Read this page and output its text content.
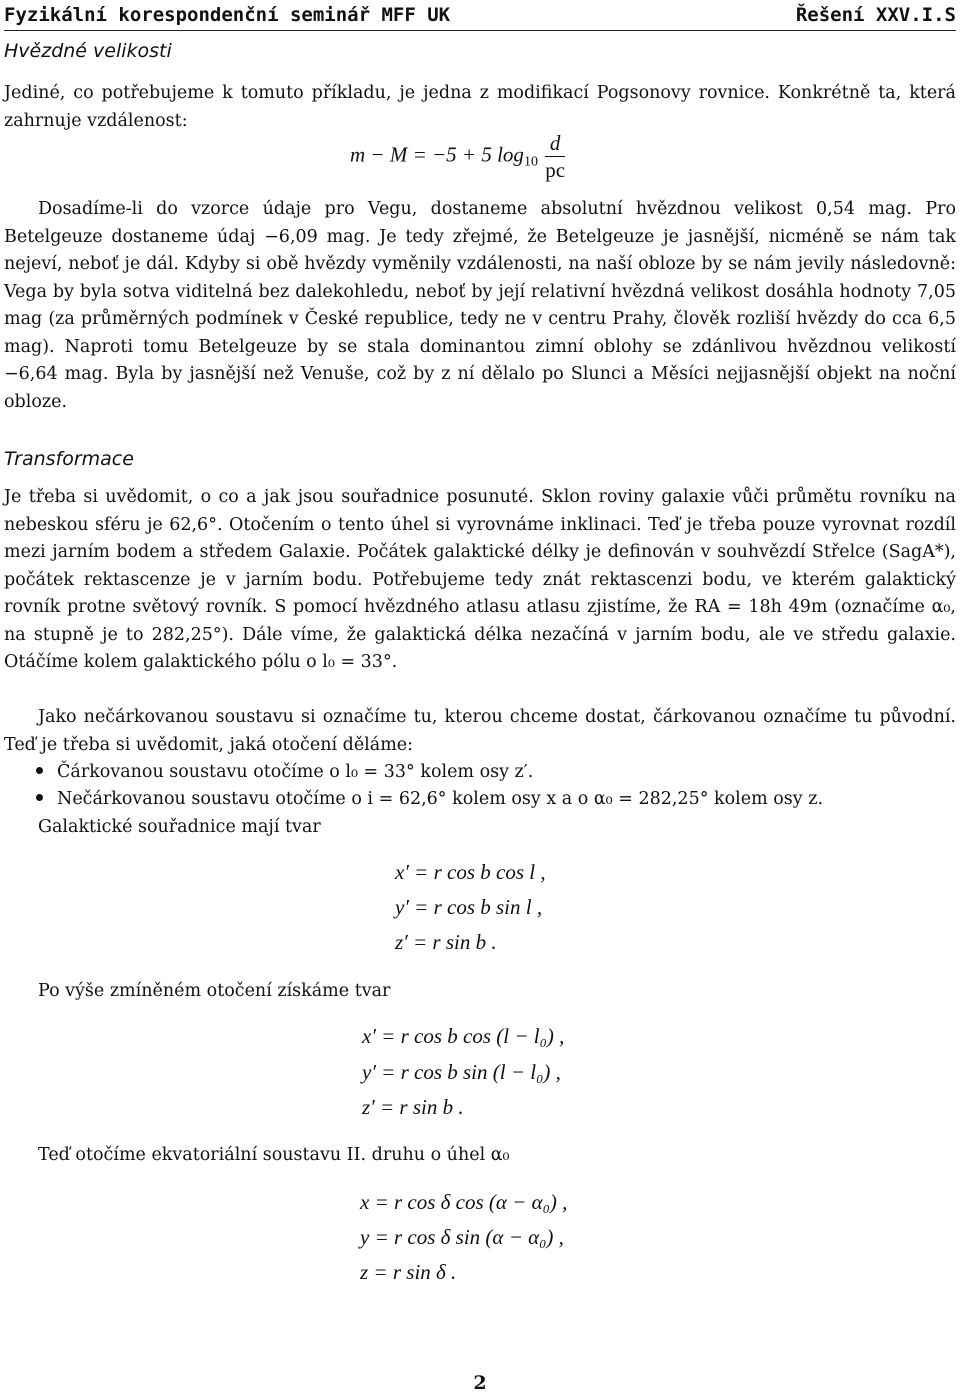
Fyzikální korespondenční seminář MFF UK	Řešení XXV.I.S
Hvězdné velikosti
Jediné, co potřebujeme k tomuto příkladu, je jedna z modifikací Pogsonovy rovnice. Konkrétně ta, která zahrnuje vzdálenost:
m − M = −5 + 5 $\log_{10} \frac{d}{pc}$
Dosadíme-li do vzorce údaje pro Vegu, dostaneme absolutní hvězdnou velikost 0,54 mag. Pro Betelgeuze dostaneme údaj −6,09 mag. Je tedy zřejmé, že Betelgeuze je jasnější, nicméně se nám tak nejeví, neboť je dál. Kdyby si obě hvězdy vyměnily vzdálenosti, na naší obloze by se nám jevily následovně: Vega by byla sotva viditelná bez dalekohledu, neboť by její relativní hvězdná velikost dosáhla hodnoty 7,05 mag (za průměrných podmínek v České republice, tedy ne v centru Prahy, člověk rozliší hvězdy do cca 6,5 mag). Naproti tomu Betelgeuze by se stala dominantou zimní oblohy se zdánlivou hvězdnou velikostí −6,64 mag. Byla by jasnější než Venuše, což by z ní dělalo po Slunci a Měsíci nejjasnější objekt na noční obloze.
Transformace
Je třeba si uvědomit, o co a jak jsou souřadnice posunuté. Sklon roviny galaxie vůči průmětu rovníku na nebeskou sféru je 62,6°. Otočením o tento úhel si vyrovnáme inklinaci. Teď je třeba pouze vyrovnat rozdíl mezi jarním bodem a středem Galaxie. Počátek galaktické délky je definován v souhvězdí Střelce (SagA*), počátek rektascenze je v jarním bodu. Potřebujeme tedy znát rektascenzi bodu, ve kterém galaktický rovník protne světový rovník. S pomocí hvězdného atlasu atlasu zjistíme, že RA = 18h 49m (označíme α₀, na stupně je to 282,25°). Dále víme, že galaktická délka nezačíná v jarním bodu, ale ve středu galaxie. Otáčíme kolem galaktického pólu o l₀ = 33°.
Jako nečárkovanou soustavu si označíme tu, kterou chceme dostat, čárkovanou označíme tu původní. Teď je třeba si uvědomit, jaká otočení děláme:
Čárkovanou soustavu otočíme o l₀ = 33° kolem osy z′.
Nečárkovanou soustavu otočíme o i = 62,6° kolem osy x a o α₀ = 282,25° kolem osy z.
Galaktické souřadnice mají tvar
x′ = r cos b cos l ,
y′ = r cos b sin l ,
z′ = r sin b .
Po výše zmíněném otočení získáme tvar
x′ = r cos b cos (l − l₀) ,
y′ = r cos b sin (l − l₀) ,
z′ = r sin b .
Teď otočíme ekvatoriální soustavu II. druhu o úhel α₀
x = r cos δ cos (α − α₀) ,
y = r cos δ sin (α − α₀) ,
z = r sin δ .
2
